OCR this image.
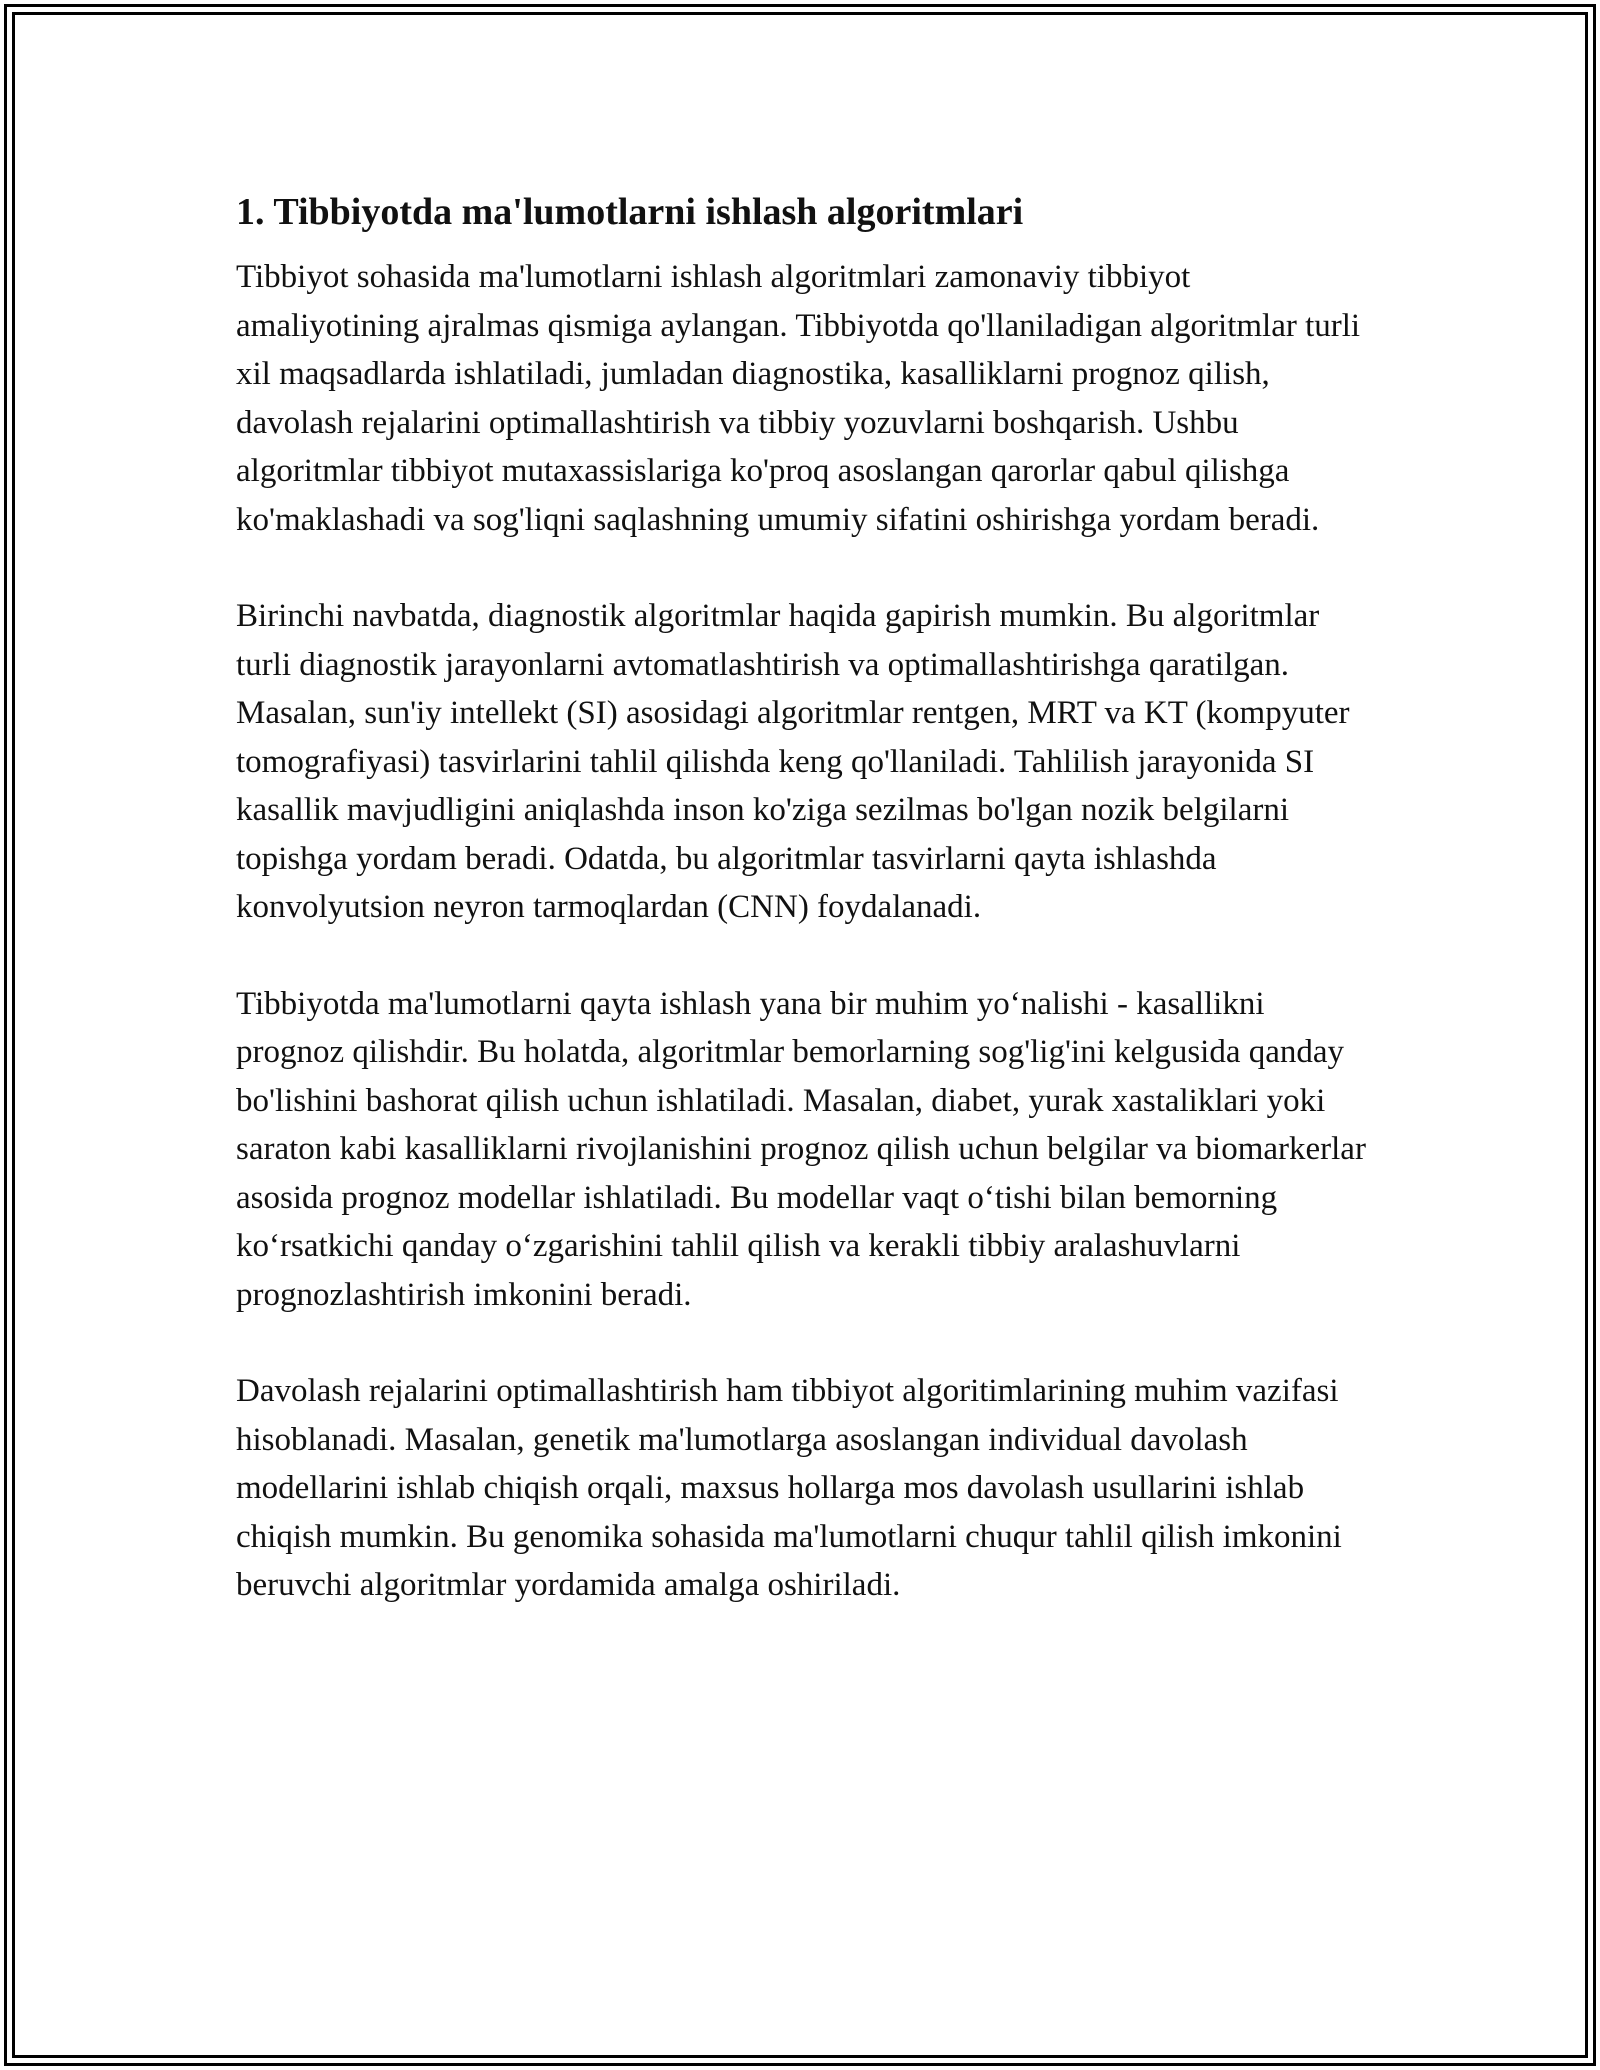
1. Tibbiyotda ma'lumotlarni ishlash algoritmlari

Tibbiyot sohasida ma'lumotlarni ishlash algoritmlari zamonaviy tibbiyot amaliyotining ajralmas qismiga aylangan. Tibbiyotda qo'llaniladigan algoritmlar turli xil maqsadlarda ishlatiladi, jumladan diagnostika, kasalliklarni prognoz qilish, davolash rejalarini optimallashtirish va tibbiy yozuvlarni boshqarish. Ushbu algoritmlar tibbiyot mutaxassislariga ko'proq asoslangan qarorlar qabul qilishga ko'maklashadi va sog'liqni saqlashning umumiy sifatini oshirishga yordam beradi.

Birinchi navbatda, diagnostik algoritmlar haqida gapirish mumkin. Bu algoritmlar turli diagnostik jarayonlarni avtomatlashtirish va optimallashtirishga qaratilgan. Masalan, sun'iy intellekt (SI) asosidagi algoritmlar rentgen, MRT va KT (kompyuter tomografiyasi) tasvirlarini tahlil qilishda keng qo'llaniladi. Tahlilish jarayonida SI kasallik mavjudligini aniqlashda inson ko'ziga sezilmas bo'lgan nozik belgilarni topishga yordam beradi. Odatda, bu algoritmlar tasvirlarni qayta ishlashda konvolyutsion neyron tarmoqlardan (CNN) foydalanadi.

Tibbiyotda ma'lumotlarni qayta ishlash yana bir muhim yo‘nalishi - kasallikni prognoz qilishdir. Bu holatda, algoritmlar bemorlarning sog'lig'ini kelgusida qanday bo'lishini bashorat qilish uchun ishlatiladi. Masalan, diabet, yurak xastaliklari yoki saraton kabi kasalliklarni rivojlanishini prognoz qilish uchun belgilar va biomarkerlar asosida prognoz modellar ishlatiladi. Bu modellar vaqt o‘tishi bilan bemorning ko‘rsatkichi qanday o‘zgarishini tahlil qilish va kerakli tibbiy aralashuvlarni prognozlashtirish imkonini beradi.

Davolash rejalarini optimallashtirish ham tibbiyot algoritimlarining muhim vazifasi hisoblanadi. Masalan, genetik ma'lumotlarga asoslangan individual davolash modellarini ishlab chiqish orqali, maxsus hollarga mos davolash usullarini ishlab chiqish mumkin. Bu genomika sohasida ma'lumotlarni chuqur tahlil qilish imkonini beruvchi algoritmlar yordamida amalga oshiriladi.
